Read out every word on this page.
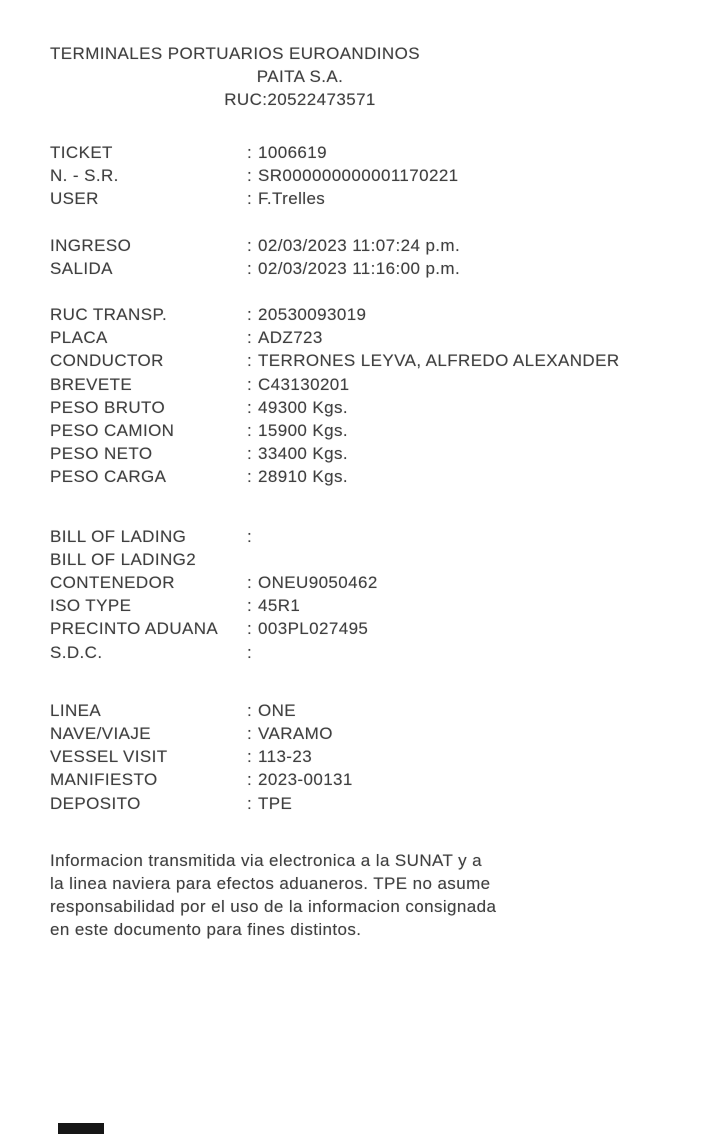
TERMINALES PORTUARIOS EUROANDINOS
PAITA S.A.
RUC:20522473571
TICKET	: 1006619
N. - S.R.	: SR000000000001170221
USER	: F.Trelles
INGRESO	: 02/03/2023 11:07:24 p.m.
SALIDA	: 02/03/2023 11:16:00 p.m.
RUC TRANSP.	: 20530093019
PLACA	: ADZ723
CONDUCTOR	: TERRONES LEYVA, ALFREDO ALEXANDER
BREVETE	: C43130201
PESO BRUTO	: 49300 Kgs.
PESO CAMION	: 15900 Kgs.
PESO NETO	: 33400 Kgs.
PESO CARGA	: 28910 Kgs.
BILL OF LADING	:
BILL OF LADING2
CONTENEDOR	: ONEU9050462
ISO TYPE	: 45R1
PRECINTO ADUANA	: 003PL027495
S.D.C.	:
LINEA	: ONE
NAVE/VIAJE	: VARAMO
VESSEL VISIT	: 113-23
MANIFIESTO	: 2023-00131
DEPOSITO	: TPE
Informacion transmitida via electronica a la SUNAT y a
la linea naviera para efectos aduaneros. TPE no asume
responsabilidad por el uso de la informacion consignada
en este documento para fines distintos.
